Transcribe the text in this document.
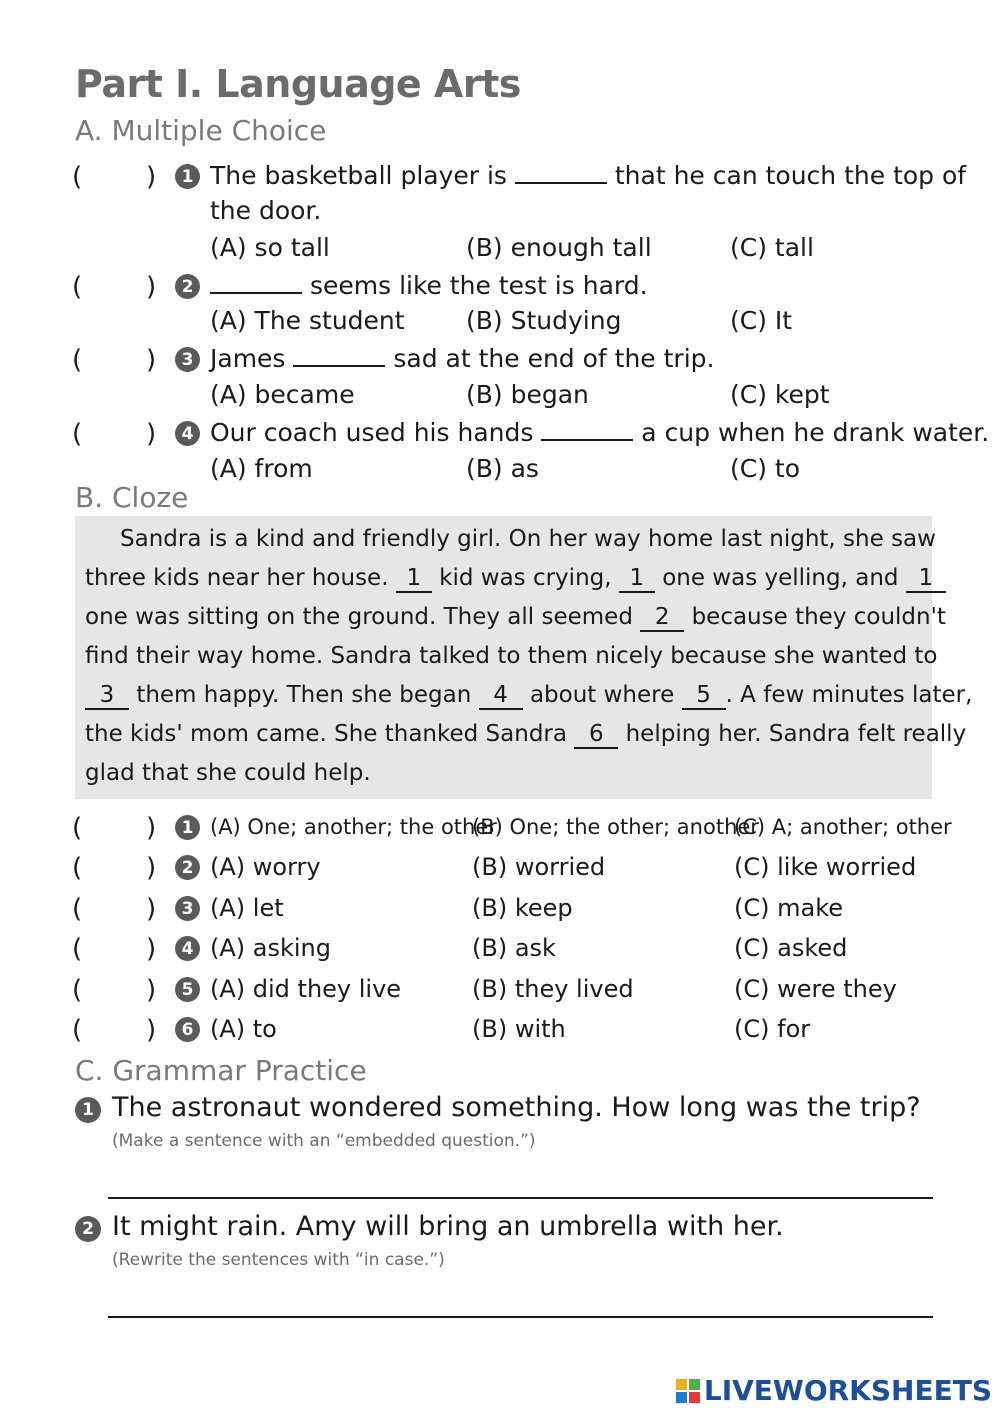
Part I. Language Arts
A. Multiple Choice
( )	1 The basketball player is	that he can touch the top of
the door.
(A) so tall	(B) enough tall	(C) tall
( )	2	seems like the test is hard.
(A) The student (B) Studying	(C) It
( )	3 James	sad at the end of the trip.
(A) became	(B) began	(C) kept
( )	4 Our coach used his hands	a cup when he drank water.
(A) from	(B) as	(C) to
B. Cloze
Sandra is a kind and friendly girl. On her way home last night, she saw
three kids near her house. 1 kid was crying, 1 one was yelling, and 1
one was sitting on the ground. They all seemed 2 because they couldn't
find their way home. Sandra talked to them nicely because she wanted to
3 them happy. Then she began 4 about where 5 . A few minutes later,
the kids' mom came. She thanked Sandra 6 helping her. Sandra felt really
glad that she could help.
( )	1 (A) One; another; the other
(B) One; the other; another
(C) A; another; other
( )	2 (A) worry	(B) worried	(C) like worried
( )	3 (A) let	(B) keep	(C) make
( )	4 (A) asking	(B) ask	(C) asked
( )	5 (A) did they live	(B) they lived	(C) were they
( )	6 (A) to	(B) with	(C) for
C. Grammar Practice
1 The astronaut wondered something. How long was the trip?
(Make a sentence with an “embedded question.”)
2 It might rain. Amy will bring an umbrella with her.
(Rewrite the sentences with “in case.”)
LIVEWORKSHEETS
